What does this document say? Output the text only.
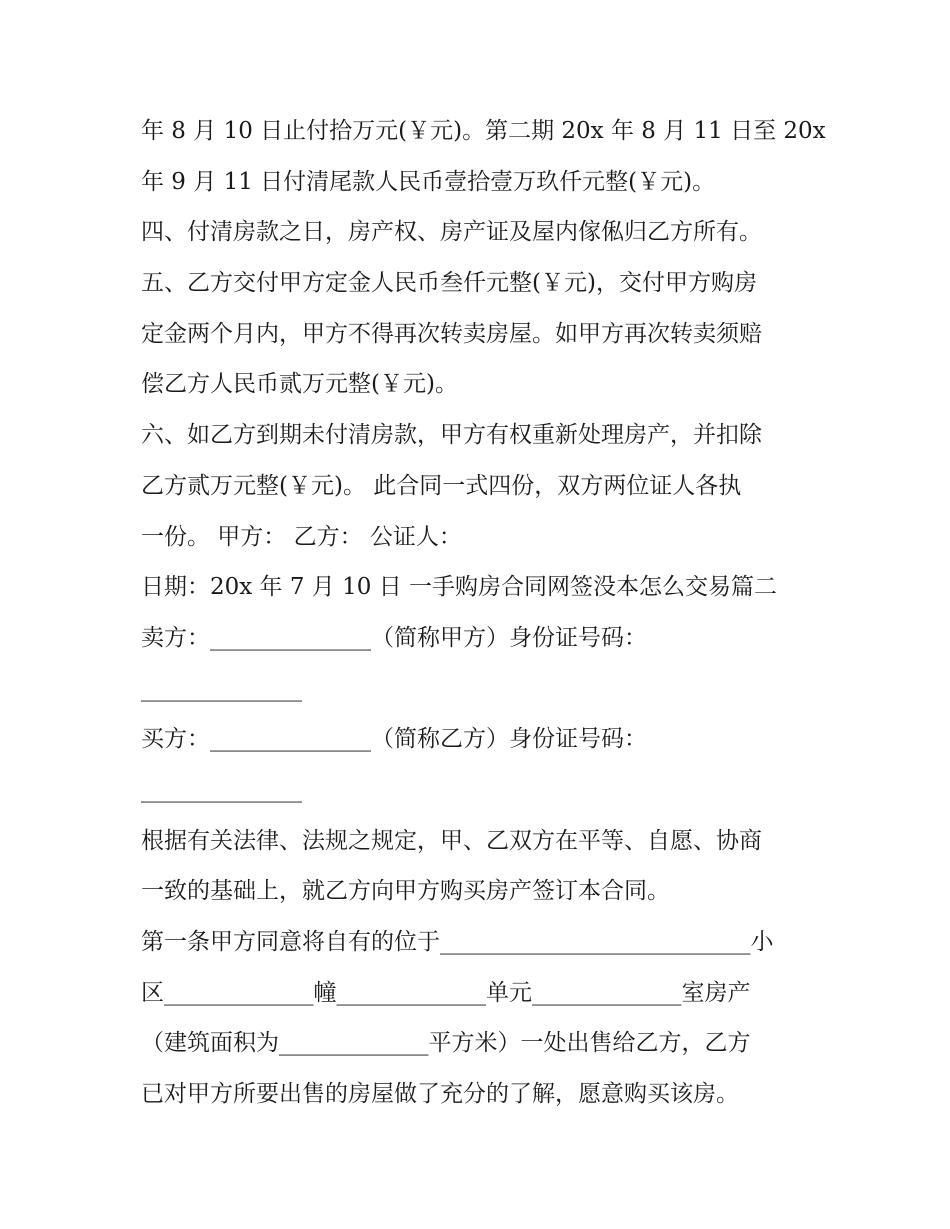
年 8 月 10 日止付拾万元(￥元)。第二期 20x 年 8 月 11 日至 20x
年 9 月 11 日付清尾款人民币壹拾壹万玖仟元整(￥元)。
四、付清房款之日，房产权、房产证及屋内傢俬归乙方所有。
五、乙方交付甲方定金人民币叁仟元整(￥元)，交付甲方购房
定金两个月内，甲方不得再次转卖房屋。如甲方再次转卖须赔
偿乙方人民币贰万元整(￥元)。
六、如乙方到期未付清房款，甲方有权重新处理房产，并扣除
乙方贰万元整(￥元)。 此合同一式四份，双方两位证人各执
一份。 甲方： 乙方： 公证人：
日期：20x 年 7 月 10 日 一手购房合同网签没本怎么交易篇二
卖方：______________（简称甲方）身份证号码：
______________
买方：______________（简称乙方）身份证号码：
______________
根据有关法律、法规之规定，甲、乙双方在平等、自愿、协商
一致的基础上，就乙方向甲方购买房产签订本合同。
第一条甲方同意将自有的位于___________________________小
区_____________幢_____________单元_____________室房产
（建筑面积为_____________平方米）一处出售给乙方，乙方
已对甲方所要出售的房屋做了充分的了解，愿意购买该房。
